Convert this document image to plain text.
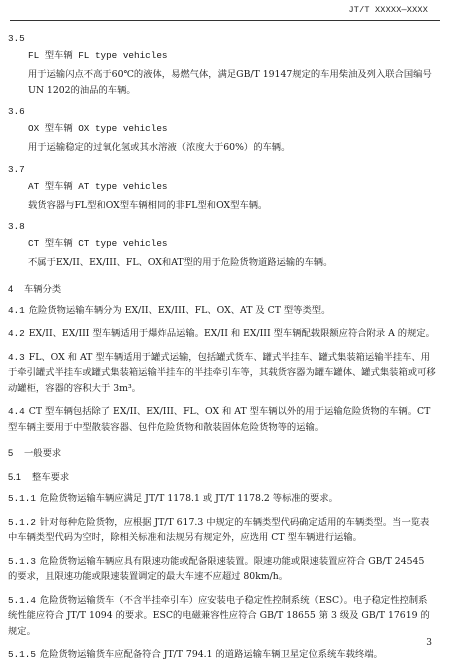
JT/T XXXXX—XXXX
3.5
FL 型车辆 FL type vehicles
用于运输闪点不高于60℃的液体，易燃气体，满足GB/T 19147规定的车用柴油及列入联合国编号UN 1202的油品的车辆。
3.6
OX 型车辆 OX type vehicles
用于运输稳定的过氧化氢或其水溶液（浓度大于60%）的车辆。
3.7
AT 型车辆 AT type vehicles
载货容器与FL型和OX型车辆相同的非FL型和OX型车辆。
3.8
CT 型车辆 CT type vehicles
不属于EX/II、EX/III、FL、OX和AT型的用于危险货物道路运输的车辆。
4 车辆分类
4.1 危险货物运输车辆分为 EX/II、EX/III、FL、OX、AT 及 CT 型等类型。
4.2 EX/II、EX/III 型车辆适用于爆炸品运输。EX/II 和 EX/III 型车辆配载限额应符合附录 A 的规定。
4.3 FL、OX 和 AT 型车辆适用于罐式运输，包括罐式货车、罐式半挂车、罐式集装箱运输半挂车、用于牵引罐式半挂车或罐式集装箱运输半挂车的半挂牵引车等，其载货容器为罐车罐体、罐式集装箱或可移动罐柜，容器的容积大于 3m³。
4.4 CT 型车辆包括除了 EX/II、EX/III、FL、OX 和 AT 型车辆以外的用于运输危险货物的车辆。CT 型车辆主要用于中型散装容器、包件危险货物和散装固体危险货物等的运输。
5 一般要求
5.1 整车要求
5.1.1 危险货物运输车辆应满足 JT/T 1178.1 或 JT/T 1178.2 等标准的要求。
5.1.2 针对每种危险货物，应根据 JT/T 617.3 中规定的车辆类型代码确定适用的车辆类型。当一览表中车辆类型代码为空时，除相关标准和法规另有规定外，应选用 CT 型车辆进行运输。
5.1.3 危险货物运输车辆应具有限速功能或配备限速装置。限速功能或限速装置应符合 GB/T 24545 的要求，且限速功能或限速装置调定的最大车速不应超过 80km/h。
5.1.4 危险货物运输货车（不含半挂牵引车）应安装电子稳定性控制系统（ESC）。电子稳定性控制系统性能应符合 JT/T 1094 的要求。ESC的电磁兼容性应符合 GB/T 18655 第 3 级及 GB/T 17619 的规定。
5.1.5 危险货物运输货车应配备符合 JT/T 794.1 的道路运输车辆卫星定位系统车载终端。
3
